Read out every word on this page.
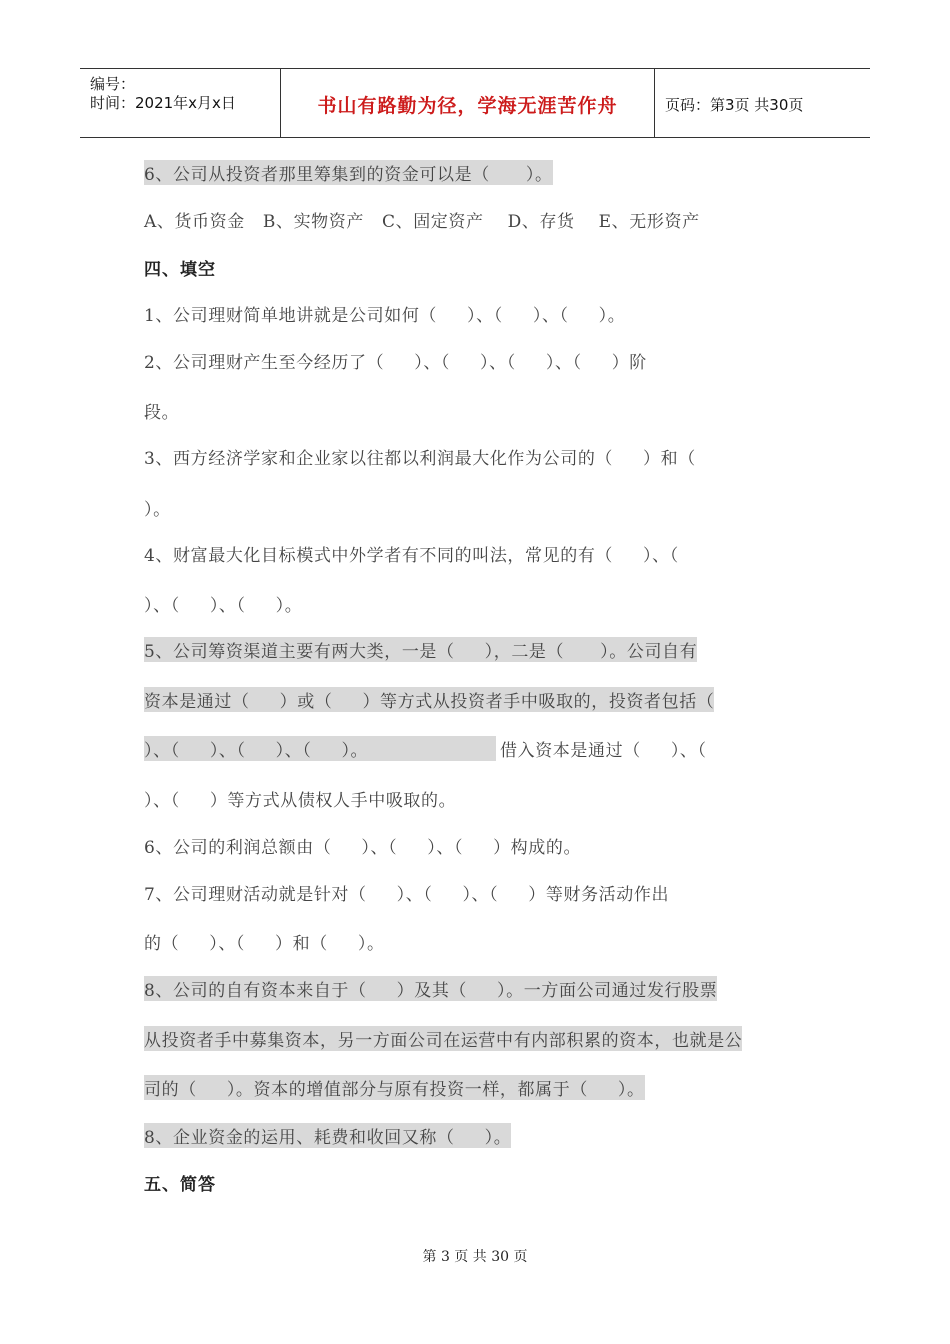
编号：
时间：2021年x月x日	书山有路勤为径，学海无涯苦作舟	页码：第3页 共30页
6、公司从投资者那里筹集到的资金可以是（      ）。
A、货币资金   B、实物资产   C、固定资产    D、存货    E、无形资产
四、填空
1、公司理财简单地讲就是公司如何（     ）、（     ）、（     ）。
2、公司理财产生至今经历了（     ）、（     ）、（     ）、（     ）阶
段。
3、西方经济学家和企业家以往都以利润最大化作为公司的（     ）和（
）。
4、财富最大化目标模式中外学者有不同的叫法，常见的有（     ）、（
）、（     ）、（     ）。
5、公司筹资渠道主要有两大类，一是（     ），二是（      ）。公司自有
资本是通过（     ）或（     ）等方式从投资者手中吸取的，投资者包括（
）、（     ）、（     ）、（     ）。	借入资本是通过（     ）、（
）、（     ）等方式从债权人手中吸取的。
6、公司的利润总额由（     ）、（     ）、（     ）构成的。
7、公司理财活动就是针对（     ）、（     ）、（     ）等财务活动作出
的（     ）、（     ）和（     ）。
8、公司的自有资本来自于（     ）及其（     ）。一方面公司通过发行股票
从投资者手中募集资本，另一方面公司在运营中有内部积累的资本，也就是公
司的（     ）。资本的增值部分与原有投资一样，都属于（     ）。
8、企业资金的运用、耗费和收回又称（     ）。
五、简答
第 3 页 共 30 页
